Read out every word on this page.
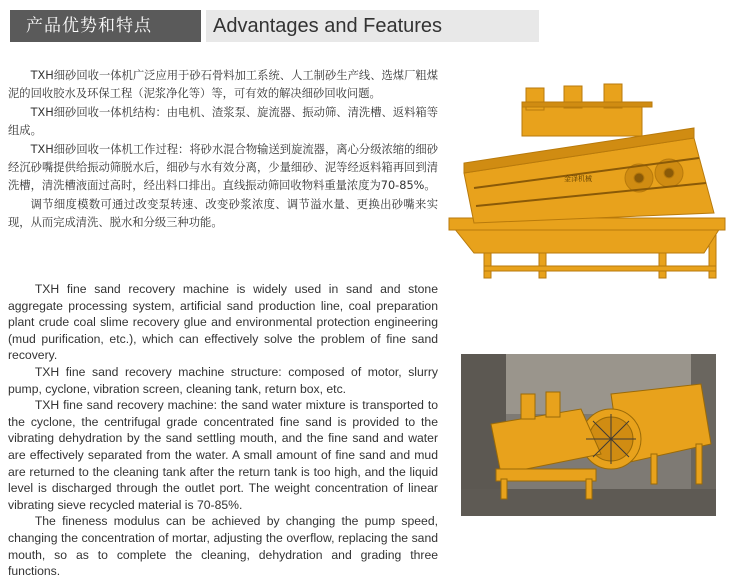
产品优势和特点	Advantages and Features

TXH细砂回收一体机广泛应用于砂石骨料加工系统、人工制砂生产线、选煤厂粗煤泥的回收胶水及环保工程（泥浆净化等）等，可有效的解决细砂回收问题。

TXH细砂回收一体机结构：由电机、渣浆泵、旋流器、振动筛、清洗槽、返料箱等组成。

TXH细砂回收一体机工作过程：将砂水混合物输送到旋流器，离心分级浓缩的细砂经沉砂嘴提供给振动筛脱水后，细砂与水有效分离，少量细砂、泥等经返料箱再回到清洗槽，清洗槽液面过高时，经出料口排出。直线振动筛回收物料重量浓度为70-85%。

调节细度模数可通过改变泵转速、改变砂浆浓度、调节溢水量、更换出砂嘴来实现，从而完成清洗、脱水和分级三种功能。

TXH fine sand recovery machine is widely used in sand and stone aggregate processing system, artificial sand production line, coal preparation plant crude coal slime recovery glue and environmental protection engineering (mud purification, etc.), which can effectively solve the problem of fine sand recovery.

TXH fine sand recovery machine structure: composed of motor, slurry pump, cyclone, vibration screen, cleaning tank, return box, etc.

TXH fine sand recovery machine: the sand water mixture is transported to the cyclone, the centrifugal grade concentrated fine sand is provided to the vibrating dehydration by the sand settling mouth, and the fine sand and water are effectively separated from the water. A small amount of fine sand and mud are returned to the cleaning tank after the return tank is too high, and the liquid level is discharged through the outlet port. The weight concentration of linear vibrating sieve recycled material is 70-85%.

The fineness modulus can be achieved by changing the pump speed, changing the concentration of mortar, adjusting the overflow, replacing the sand mouth, so as to complete the cleaning, dehydration and grading three functions.

金泽机械
